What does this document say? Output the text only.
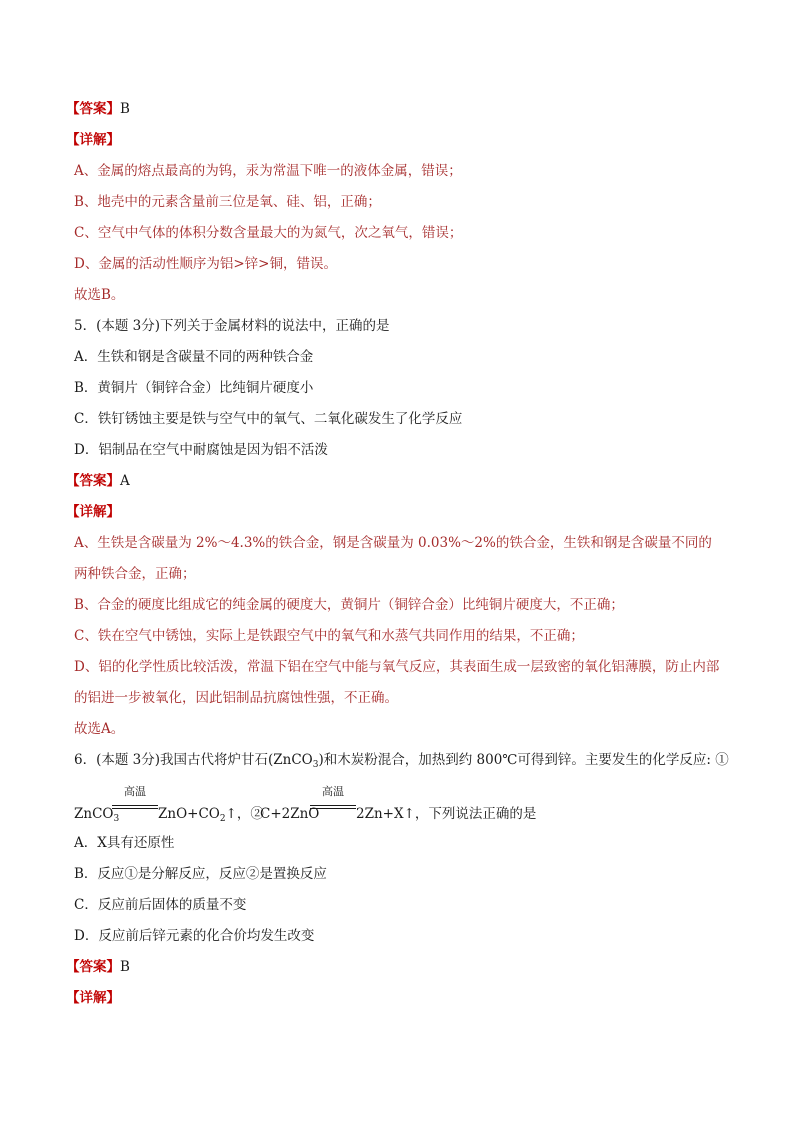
【答案】B
【详解】
A、金属的熔点最高的为钨，汞为常温下唯一的液体金属，错误；
B、地壳中的元素含量前三位是氧、硅、铝，正确；
C、空气中气体的体积分数含量最大的为氮气，次之氧气，错误；
D、金属的活动性顺序为铝>锌>铜，错误。
故选B。
5．(本题 3分)下列关于金属材料的说法中，正确的是
A．生铁和钢是含碳量不同的两种铁合金
B．黄铜片（铜锌合金）比纯铜片硬度小
C．铁钉锈蚀主要是铁与空气中的氧气、二氧化碳发生了化学反应
D．铝制品在空气中耐腐蚀是因为铝不活泼
【答案】A
【详解】
A、生铁是含碳量为 2%～4.3%的铁合金，钢是含碳量为 0.03%～2%的铁合金，生铁和钢是含碳量不同的两种铁合金，正确；
B、合金的硬度比组成它的纯金属的硬度大，黄铜片（铜锌合金）比纯铜片硬度大，不正确；
C、铁在空气中锈蚀，实际上是铁跟空气中的氧气和水蒸气共同作用的结果，不正确；
D、铝的化学性质比较活泼，常温下铝在空气中能与氧气反应，其表面生成一层致密的氧化铝薄膜，防止内部的铝进一步被氧化，因此铝制品抗腐蚀性强，不正确。
故选A。
6．(本题 3分)我国古代将炉甘石(ZnCO$_3$)和木炭粉混合，加热到约 800℃可得到锌。主要发生的化学反应: ①
ZnCO$_3$
高温
$ZnO+CO_2↑$，②
C+2ZnO
高温
2Zn+X↑，下列说法正确的是
A．X具有还原性
B．反应①是分解反应，反应②是置换反应
C．反应前后固体的质量不变
D．反应前后锌元素的化合价均发生改变
【答案】B
【详解】
